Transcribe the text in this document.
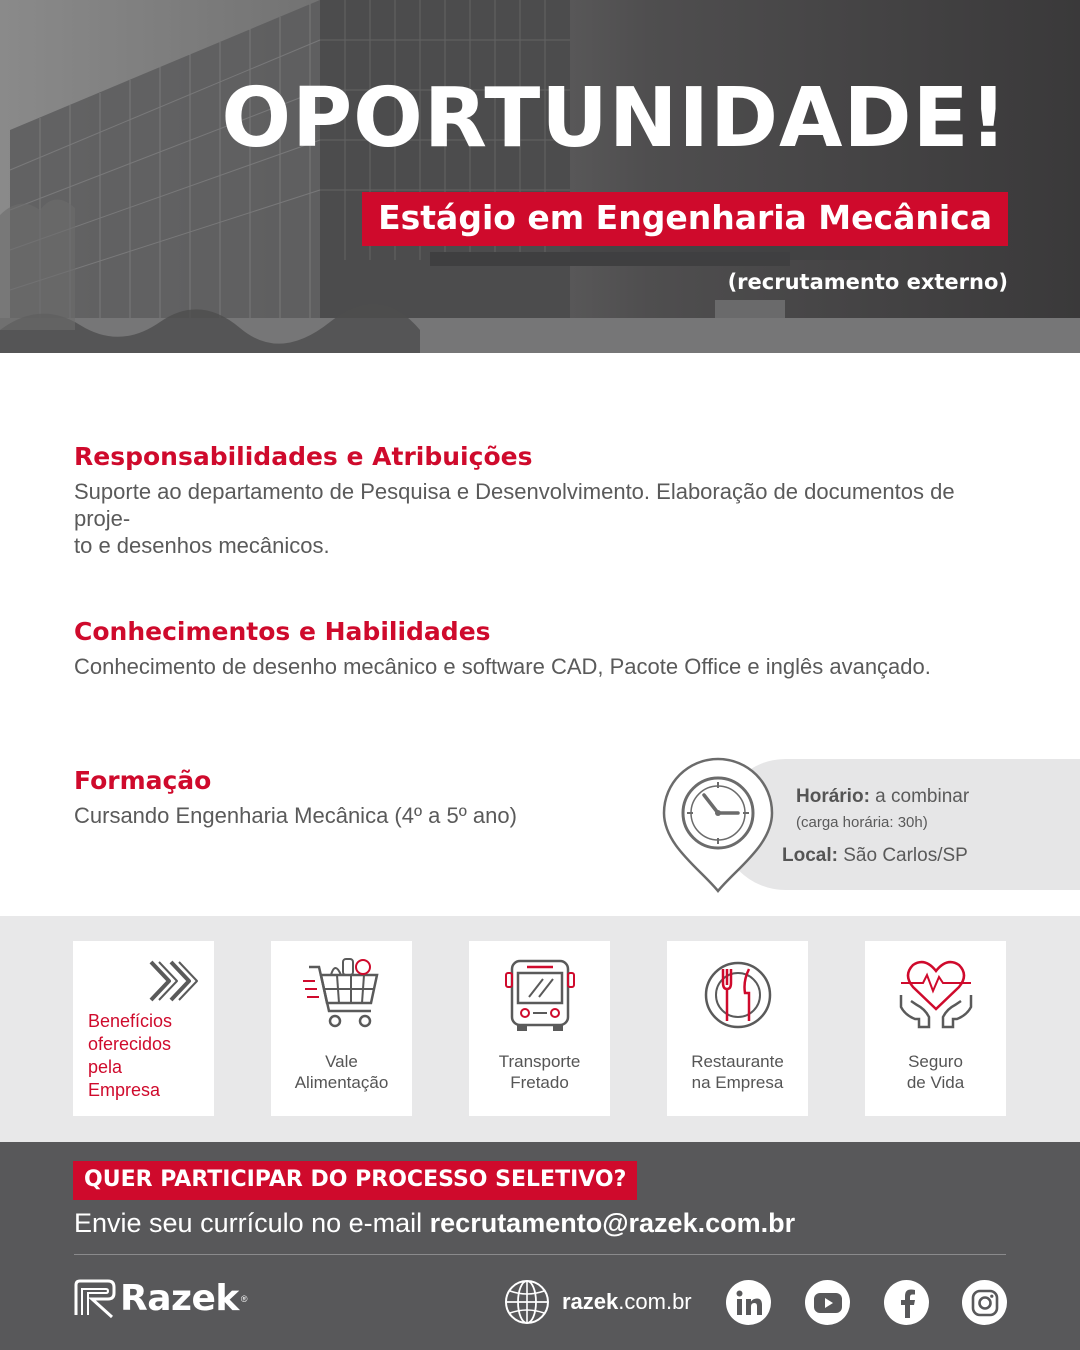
OPORTUNIDADE!
Estágio em Engenharia Mecânica
(recrutamento externo)
Responsabilidades e Atribuições

Suporte ao departamento de Pesquisa e Desenvolvimento. Elaboração de documentos de proje-

to e desenhos mecânicos.

Conhecimentos e Habilidades

Conhecimento de desenho mecânico e software CAD, Pacote Office e inglês avançado.

Formação

Cursando Engenharia Mecânica (4º a 5º ano)

Horário: a combinar
(carga horária: 30h)
Local: São Carlos/SP
Benefícios
oferecidos
pela
Empresa
Vale
Alimentação
Transporte
Fretado
Restaurante
na Empresa
Seguro
de Vida
QUER PARTICIPAR DO PROCESSO SELETIVO?
Envie seu currículo no e-mail recrutamento@razek.com.br
Razek ®	razek.com.br
